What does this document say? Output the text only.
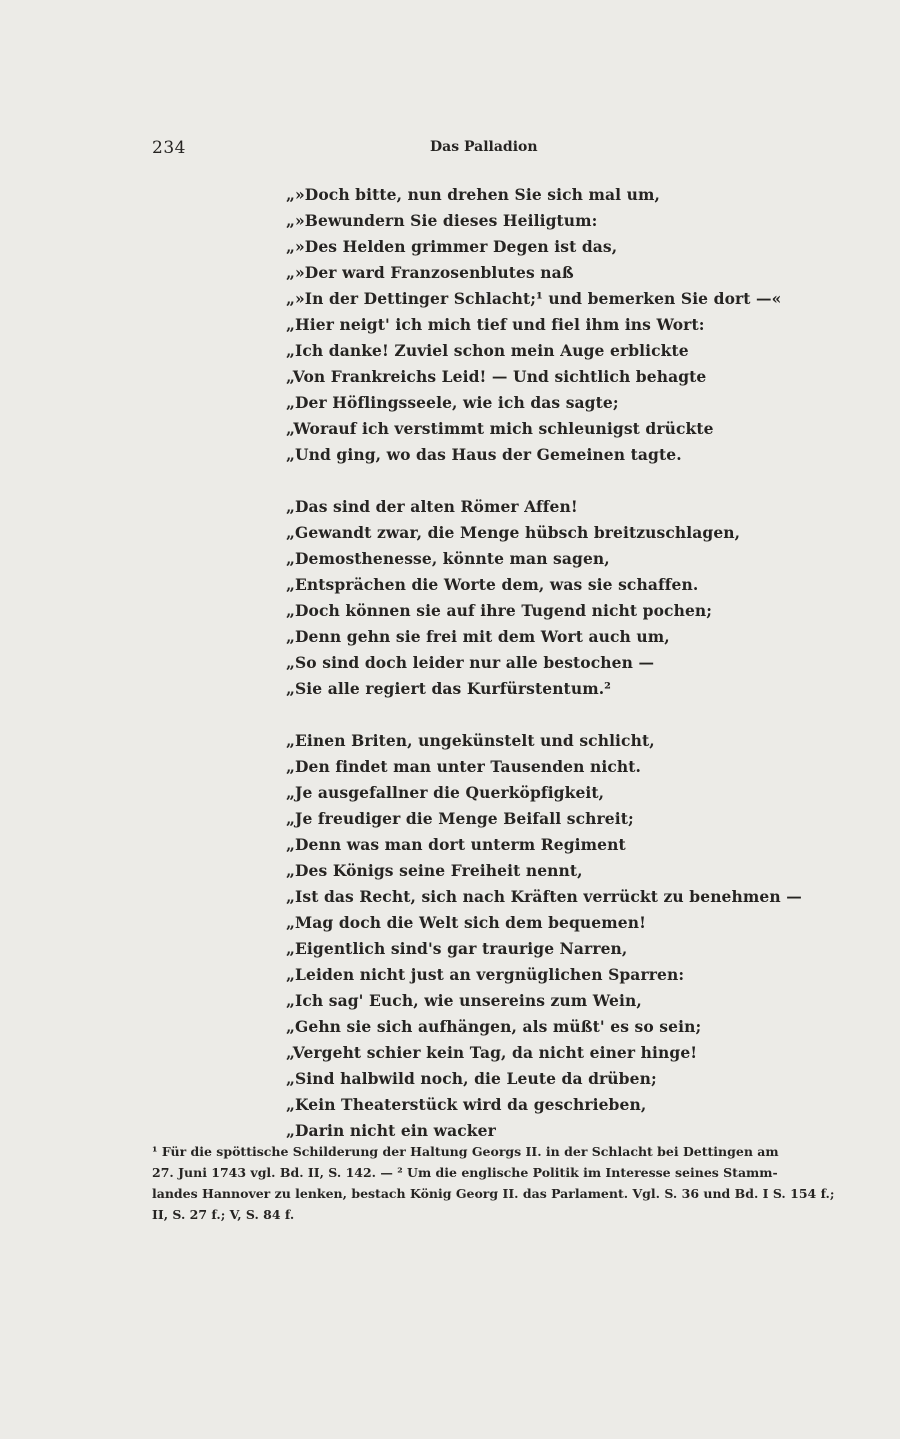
234	Das Palladion
„»Doch bitte, nun drehen Sie sich mal um,
„»Bewundern Sie dieses Heiligtum:
„»Des Helden grimmer Degen ist das,
„»Der ward Franzosenblutes naß
„»In der Dettinger Schlacht;¹ und bemerken Sie dort —«
„Hier neigt' ich mich tief und fiel ihm ins Wort:
„Ich danke! Zuviel schon mein Auge erblickte
„Von Frankreichs Leid! — Und sichtlich behagte
„Der Höflingsseele, wie ich das sagte;
„Worauf ich verstimmt mich schleunigst drückte
„Und ging, wo das Haus der Gemeinen tagte.
„Das sind der alten Römer Affen!
„Gewandt zwar, die Menge hübsch breitzuschlagen,
„Demosthenesse, könnte man sagen,
„Entsprächen die Worte dem, was sie schaffen.
„Doch können sie auf ihre Tugend nicht pochen;
„Denn gehn sie frei mit dem Wort auch um,
„So sind doch leider nur alle bestochen —
„Sie alle regiert das Kurfürstentum.²
„Einen Briten, ungekünstelt und schlicht,
„Den findet man unter Tausenden nicht.
„Je ausgefallner die Querköpfigkeit,
„Je freudiger die Menge Beifall schreit;
„Denn was man dort unterm Regiment
„Des Königs seine Freiheit nennt,
„Ist das Recht, sich nach Kräften verrückt zu benehmen —
„Mag doch die Welt sich dem bequemen!
„Eigentlich sind's gar traurige Narren,
„Leiden nicht just an vergnüglichen Sparren:
„Ich sag' Euch, wie unsereins zum Wein,
„Gehn sie sich aufhängen, als müßt' es so sein;
„Vergeht schier kein Tag, da nicht einer hinge!
„Sind halbwild noch, die Leute da drüben;
„Kein Theaterstück wird da geschrieben,
„Darin nicht ein wacker
¹ Für die spöttische Schilderung der Haltung Georgs II. in der Schlacht bei Dettingen am
27. Juni 1743 vgl. Bd. II, S. 142. — ² Um die englische Politik im Interesse seines Stamm-
landes Hannover zu lenken, bestach König Georg II. das Parlament. Vgl. S. 36 und Bd. I S. 154 f.;
II, S. 27 f.; V, S. 84 f.
